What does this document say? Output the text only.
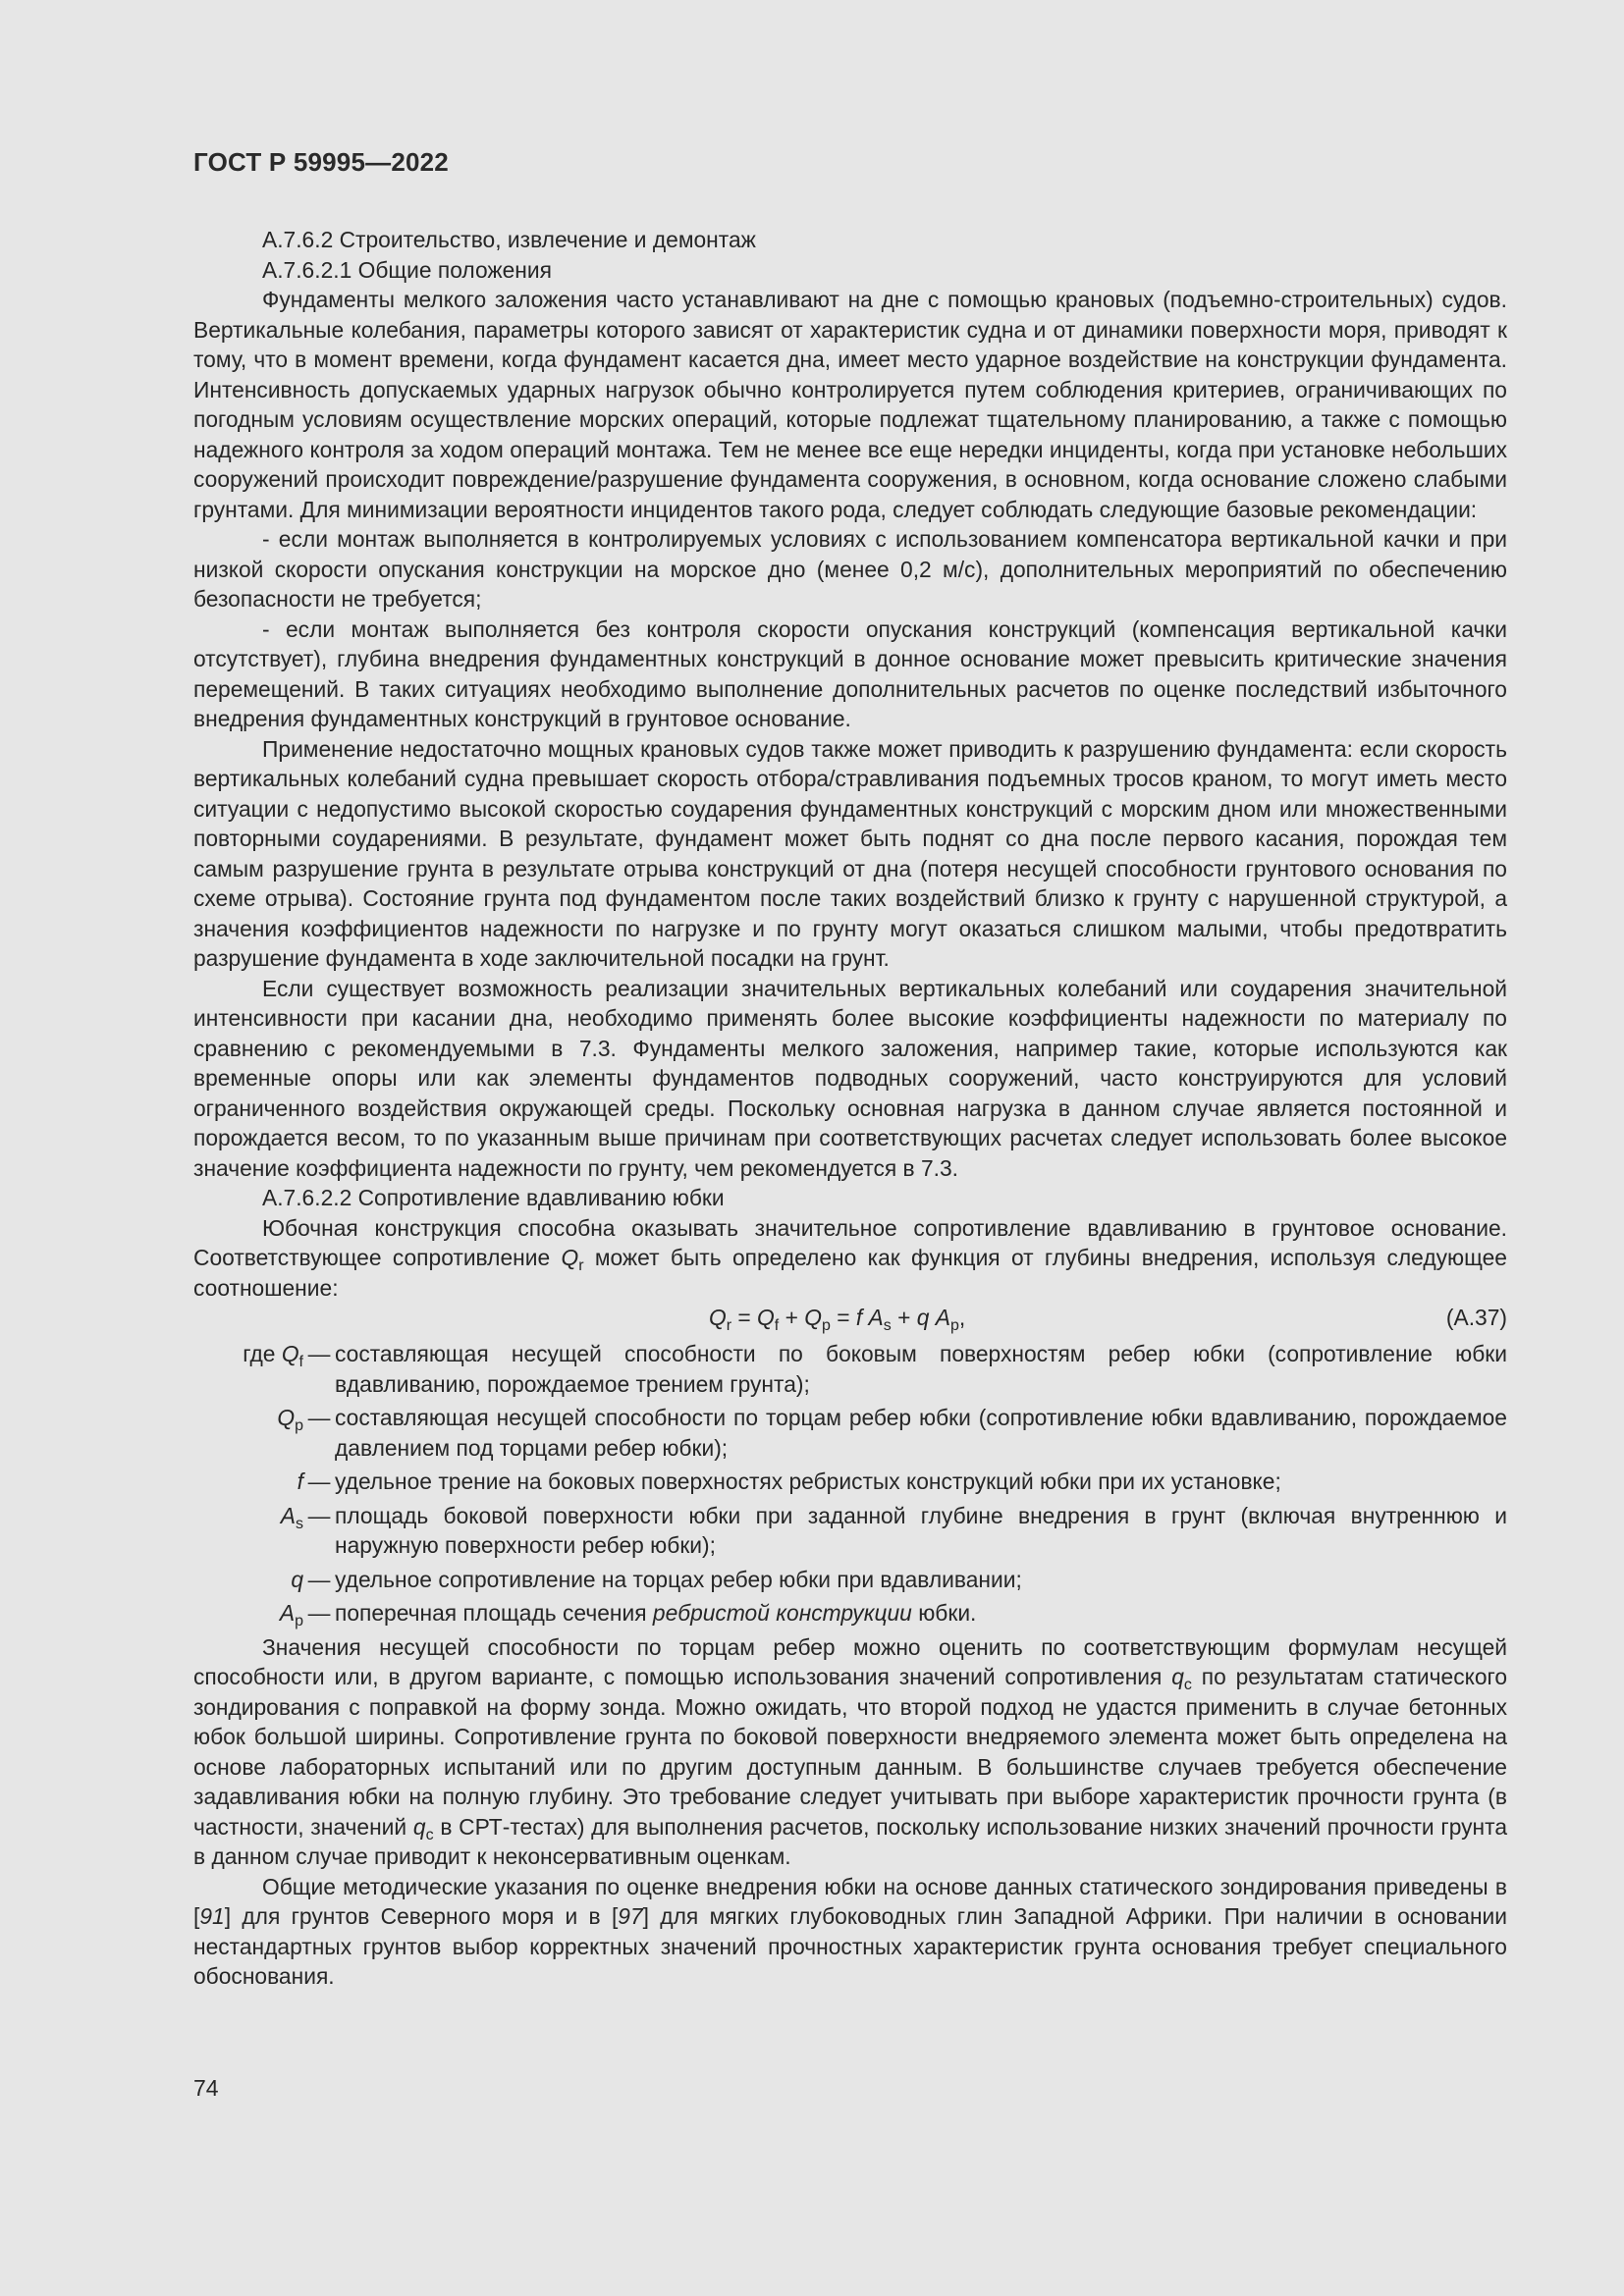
ГОСТ Р 59995—2022

А.7.6.2 Строительство, извлечение и демонтаж

А.7.6.2.1 Общие положения

Фундаменты мелкого заложения часто устанавливают на дне с помощью крановых (подъемно-строительных) судов. Вертикальные колебания, параметры которого зависят от характеристик судна и от динамики поверхности моря, приводят к тому, что в момент времени, когда фундамент касается дна, имеет место ударное воздействие на конструкции фундамента. Интенсивность допускаемых ударных нагрузок обычно контролируется путем соблюдения критериев, ограничивающих по погодным условиям осуществление морских операций, которые подлежат тщательному планированию, а также с помощью надежного контроля за ходом операций монтажа. Тем не менее все еще нередки инциденты, когда при установке небольших сооружений происходит повреждение/разрушение фундамента сооружения, в основном, когда основание сложено слабыми грунтами. Для минимизации вероятности инцидентов такого рода, следует соблюдать следующие базовые рекомендации:

- если монтаж выполняется в контролируемых условиях с использованием компенсатора вертикальной качки и при низкой скорости опускания конструкции на морское дно (менее 0,2 м/с), дополнительных мероприятий по обеспечению безопасности не требуется;

- если монтаж выполняется без контроля скорости опускания конструкций (компенсация вертикальной качки отсутствует), глубина внедрения фундаментных конструкций в донное основание может превысить критические значения перемещений. В таких ситуациях необходимо выполнение дополнительных расчетов по оценке последствий избыточного внедрения фундаментных конструкций в грунтовое основание.

Применение недостаточно мощных крановых судов также может приводить к разрушению фундамента: если скорость вертикальных колебаний судна превышает скорость отбора/стравливания подъемных тросов краном, то могут иметь место ситуации с недопустимо высокой скоростью соударения фундаментных конструкций с морским дном или множественными повторными соударениями. В результате, фундамент может быть поднят со дна после первого касания, порождая тем самым разрушение грунта в результате отрыва конструкций от дна (потеря несущей способности грунтового основания по схеме отрыва). Состояние грунта под фундаментом после таких воздействий близко к грунту с нарушенной структурой, а значения коэффициентов надежности по нагрузке и по грунту могут оказаться слишком малыми, чтобы предотвратить разрушение фундамента в ходе заключительной посадки на грунт.

Если существует возможность реализации значительных вертикальных колебаний или соударения значительной интенсивности при касании дна, необходимо применять более высокие коэффициенты надежности по материалу по сравнению с рекомендуемыми в 7.3. Фундаменты мелкого заложения, например такие, которые используются как временные опоры или как элементы фундаментов подводных сооружений, часто конструируются для условий ограниченного воздействия окружающей среды. Поскольку основная нагрузка в данном случае является постоянной и порождается весом, то по указанным выше причинам при соответствующих расчетах следует использовать более высокое значение коэффициента надежности по грунту, чем рекомендуется в 7.3.

А.7.6.2.2 Сопротивление вдавливанию юбки

Юбочная конструкция способна оказывать значительное сопротивление вдавливанию в грунтовое основание. Соответствующее сопротивление $Q_r$ может быть определено как функция от глубины внедрения, используя следующее соотношение:

$Q_r = Q_f + Q_p = f$ $A_s + q$ $A_p$,	(А.37)
где $Q_f$ — составляющая несущей способности по боковым поверхностям ребер юбки (сопротивление юбки вдавливанию, порождаемое трением грунта);
$Q_p$ — составляющая несущей способности по торцам ребер юбки (сопротивление юбки вдавливанию, порождаемое давлением под торцами ребер юбки);
f — удельное трение на боковых поверхностях ребристых конструкций юбки при их установке;
$A_s$ — площадь боковой поверхности юбки при заданной глубине внедрения в грунт (включая внутреннюю и наружную поверхности ребер юбки);
q — удельное сопротивление на торцах ребер юбки при вдавливании;
$A_p$ — поперечная площадь сечения ребристой конструкции юбки.

Значения несущей способности по торцам ребер можно оценить по соответствующим формулам несущей способности или, в другом варианте, с помощью использования значений сопротивления $q_c$ по результатам статического зондирования с поправкой на форму зонда. Можно ожидать, что второй подход не удастся применить в случае бетонных юбок большой ширины. Сопротивление грунта по боковой поверхности внедряемого элемента может быть определена на основе лабораторных испытаний или по другим доступным данным. В большинстве случаев требуется обеспечение задавливания юбки на полную глубину. Это требование следует учитывать при выборе характеристик прочности грунта (в частности, значений $q_c$ в СРТ-тестах) для выполнения расчетов, поскольку использование низких значений прочности грунта в данном случае приводит к неконсервативным оценкам.

Общие методические указания по оценке внедрения юбки на основе данных статического зондирования приведены в [91] для грунтов Северного моря и в [97] для мягких глубоководных глин Западной Африки. При наличии в основании нестандартных грунтов выбор корректных значений прочностных характеристик грунта основания требует специального обоснования.

74
